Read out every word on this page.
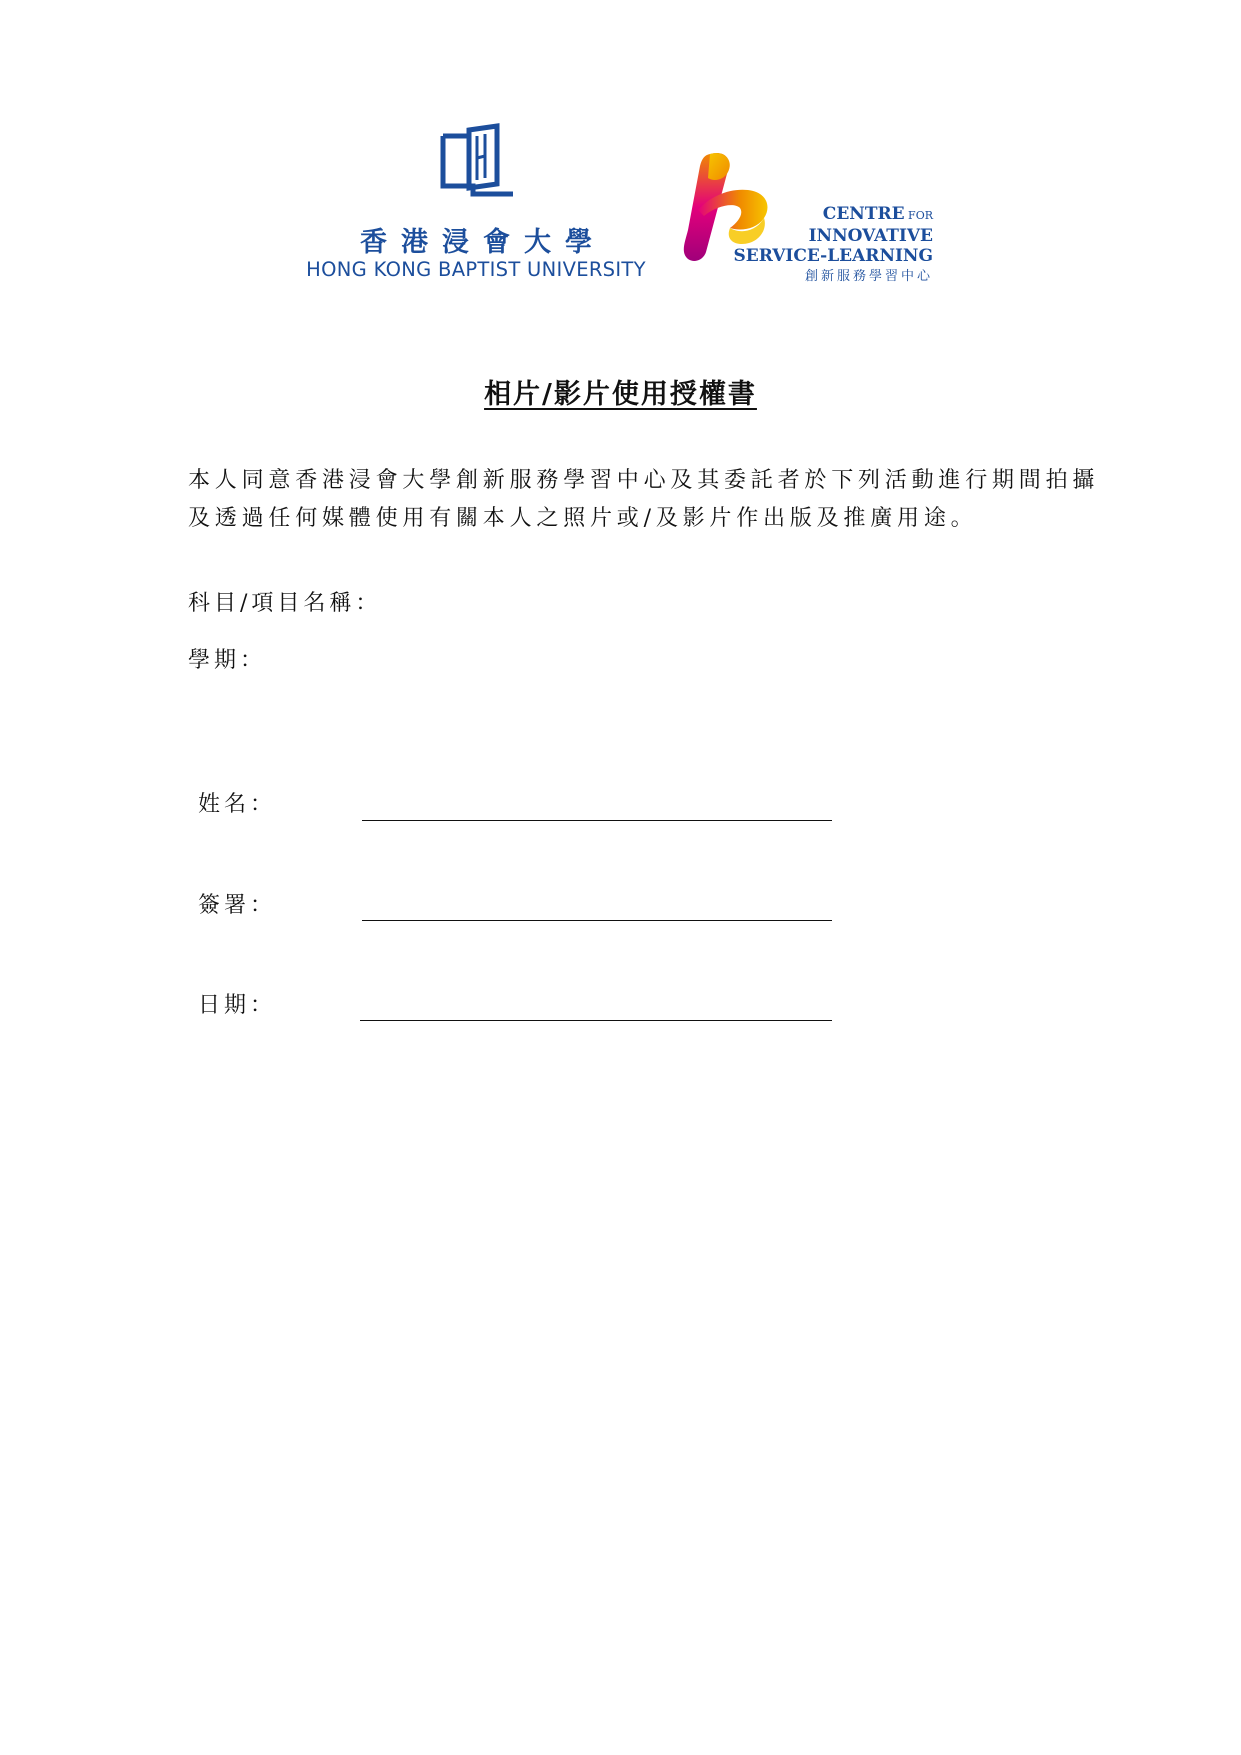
香港浸會大學
HONG KONG BAPTIST UNIVERSITY
CENTRE FOR
INNOVATIVE
SERVICE-LEARNING
創新服務學習中心
相片/影片使用授權書
本人同意香港浸會大學創新服務學習中心及其委託者於下列活動進行期間拍攝
及透過任何媒體使用有關本人之照片或/及影片作出版及推廣用途。
科目/項目名稱：
學期：
姓名：
簽署：
日期：
